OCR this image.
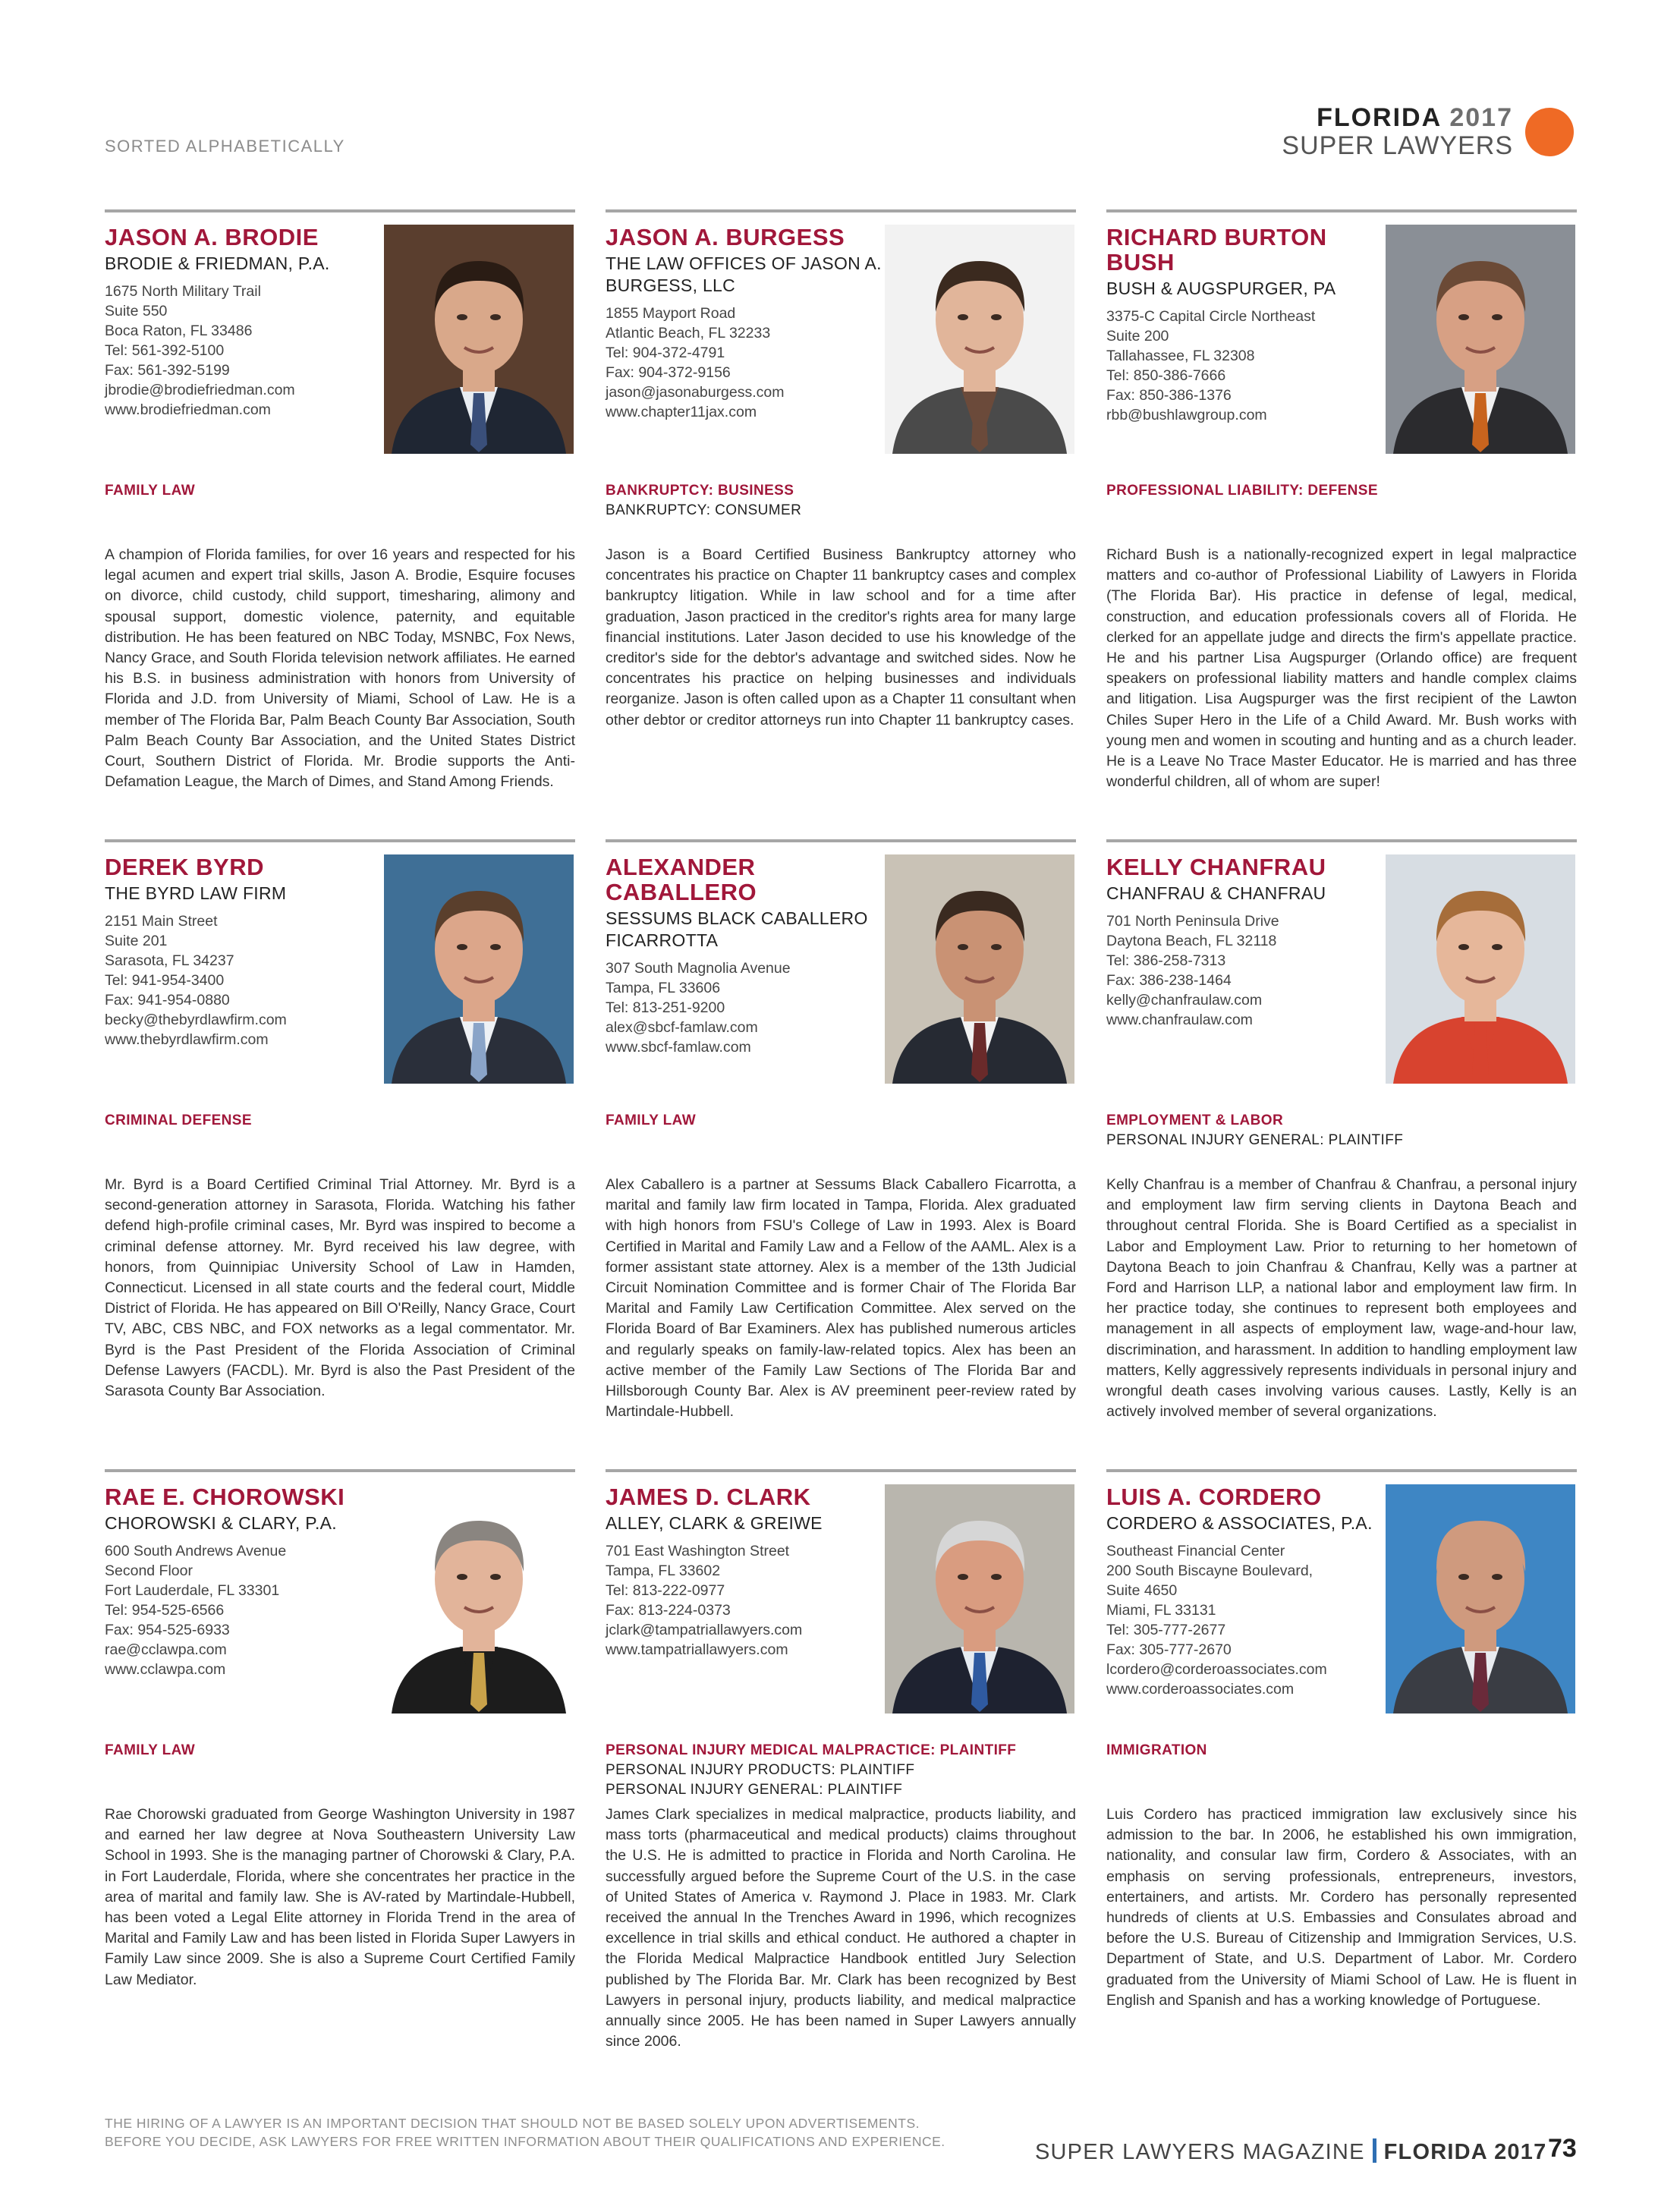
SORTED ALPHABETICALLY
FLORIDA 2017
SUPER LAWYERS
JASON A. BRODIE
BRODIE & FRIEDMAN, P.A.
1675 North Military Trail
Suite 550
Boca Raton, FL 33486
Tel: 561-392-5100
Fax: 561-392-5199
jbrodie@brodiefriedman.com
www.brodiefriedman.com
FAMILY LAW
A champion of Florida families, for over 16 years and respected for his legal acumen and expert trial skills, Jason A. Brodie, Esquire focuses on divorce, child custody, child support, timesharing, alimony and spousal support, domestic violence, paternity, and equitable distribution. He has been featured on NBC Today, MSNBC, Fox News, Nancy Grace, and South Florida television network affiliates. He earned his B.S. in business administration with honors from University of Florida and J.D. from University of Miami, School of Law. He is a member of The Florida Bar, Palm Beach County Bar Association, South Palm Beach County Bar Association, and the United States District Court, Southern District of Florida. Mr. Brodie supports the Anti-Defamation League, the March of Dimes, and Stand Among Friends.
JASON A. BURGESS
THE LAW OFFICES OF JASON A. BURGESS, LLC
1855 Mayport Road
Atlantic Beach, FL 32233
Tel: 904-372-4791
Fax: 904-372-9156
jason@jasonaburgess.com
www.chapter11jax.com
BANKRUPTCY: BUSINESS
BANKRUPTCY: CONSUMER
Jason is a Board Certified Business Bankruptcy attorney who concentrates his practice on Chapter 11 bankruptcy cases and complex bankruptcy litigation. While in law school and for a time after graduation, Jason practiced in the creditor's rights area for many large financial institutions. Later Jason decided to use his knowledge of the creditor's side for the debtor's advantage and switched sides. Now he concentrates his practice on helping businesses and individuals reorganize. Jason is often called upon as a Chapter 11 consultant when other debtor or creditor attorneys run into Chapter 11 bankruptcy cases.
RICHARD BURTON BUSH
BUSH & AUGSPURGER, PA
3375-C Capital Circle Northeast
Suite 200
Tallahassee, FL 32308
Tel: 850-386-7666
Fax: 850-386-1376
rbb@bushlawgroup.com
PROFESSIONAL LIABILITY: DEFENSE
Richard Bush is a nationally-recognized expert in legal malpractice matters and co-author of Professional Liability of Lawyers in Florida (The Florida Bar). His practice in defense of legal, medical, construction, and education professionals covers all of Florida. He clerked for an appellate judge and directs the firm's appellate practice. He and his partner Lisa Augspurger (Orlando office) are frequent speakers on professional liability matters and handle complex claims and litigation. Lisa Augspurger was the first recipient of the Lawton Chiles Super Hero in the Life of a Child Award. Mr. Bush works with young men and women in scouting and hunting and as a church leader. He is a Leave No Trace Master Educator. He is married and has three wonderful children, all of whom are super!
DEREK BYRD
THE BYRD LAW FIRM
2151 Main Street
Suite 201
Sarasota, FL 34237
Tel: 941-954-3400
Fax: 941-954-0880
becky@thebyrdlawfirm.com
www.thebyrdlawfirm.com
CRIMINAL DEFENSE
Mr. Byrd is a Board Certified Criminal Trial Attorney. Mr. Byrd is a second-generation attorney in Sarasota, Florida. Watching his father defend high-profile criminal cases, Mr. Byrd was inspired to become a criminal defense attorney. Mr. Byrd received his law degree, with honors, from Quinnipiac University School of Law in Hamden, Connecticut. Licensed in all state courts and the federal court, Middle District of Florida. He has appeared on Bill O'Reilly, Nancy Grace, Court TV, ABC, CBS NBC, and FOX networks as a legal commentator. Mr. Byrd is the Past President of the Florida Association of Criminal Defense Lawyers (FACDL). Mr. Byrd is also the Past President of the Sarasota County Bar Association.
ALEXANDER CABALLERO
SESSUMS BLACK CABALLERO FICARROTTA
307 South Magnolia Avenue
Tampa, FL 33606
Tel: 813-251-9200
alex@sbcf-famlaw.com
www.sbcf-famlaw.com
FAMILY LAW
Alex Caballero is a partner at Sessums Black Caballero Ficarrotta, a marital and family law firm located in Tampa, Florida. Alex graduated with high honors from FSU's College of Law in 1993. Alex is Board Certified in Marital and Family Law and a Fellow of the AAML. Alex is a former assistant state attorney. Alex is a member of the 13th Judicial Circuit Nomination Committee and is former Chair of The Florida Bar Marital and Family Law Certification Committee. Alex served on the Florida Board of Bar Examiners. Alex has published numerous articles and regularly speaks on family-law-related topics. Alex has been an active member of the Family Law Sections of The Florida Bar and Hillsborough County Bar. Alex is AV preeminent peer-review rated by Martindale-Hubbell.
KELLY CHANFRAU
CHANFRAU & CHANFRAU
701 North Peninsula Drive
Daytona Beach, FL 32118
Tel: 386-258-7313
Fax: 386-238-1464
kelly@chanfraulaw.com
www.chanfraulaw.com
EMPLOYMENT & LABOR
PERSONAL INJURY GENERAL: PLAINTIFF
Kelly Chanfrau is a member of Chanfrau & Chanfrau, a personal injury and employment law firm serving clients in Daytona Beach and throughout central Florida. She is Board Certified as a specialist in Labor and Employment Law. Prior to returning to her hometown of Daytona Beach to join Chanfrau & Chanfrau, Kelly was a partner at Ford and Harrison LLP, a national labor and employment law firm. In her practice today, she continues to represent both employees and management in all aspects of employment law, wage-and-hour law, discrimination, and harassment. In addition to handling employment law matters, Kelly aggressively represents individuals in personal injury and wrongful death cases involving various causes. Lastly, Kelly is an actively involved member of several organizations.
RAE E. CHOROWSKI
CHOROWSKI & CLARY, P.A.
600 South Andrews Avenue
Second Floor
Fort Lauderdale, FL 33301
Tel: 954-525-6566
Fax: 954-525-6933
rae@cclawpa.com
www.cclawpa.com
FAMILY LAW
Rae Chorowski graduated from George Washington University in 1987 and earned her law degree at Nova Southeastern University Law School in 1993. She is the managing partner of Chorowski & Clary, P.A. in Fort Lauderdale, Florida, where she concentrates her practice in the area of marital and family law. She is AV-rated by Martindale-Hubbell, has been voted a Legal Elite attorney in Florida Trend in the area of Marital and Family Law and has been listed in Florida Super Lawyers in Family Law since 2009. She is also a Supreme Court Certified Family Law Mediator.
JAMES D. CLARK
ALLEY, CLARK & GREIWE
701 East Washington Street
Tampa, FL 33602
Tel: 813-222-0977
Fax: 813-224-0373
jclark@tampatriallawyers.com
www.tampatriallawyers.com
PERSONAL INJURY MEDICAL MALPRACTICE: PLAINTIFF
PERSONAL INJURY PRODUCTS: PLAINTIFF
PERSONAL INJURY GENERAL: PLAINTIFF
James Clark specializes in medical malpractice, products liability, and mass torts (pharmaceutical and medical products) claims throughout the U.S. He is admitted to practice in Florida and North Carolina. He successfully argued before the Supreme Court of the U.S. in the case of United States of America v. Raymond J. Place in 1983. Mr. Clark received the annual In the Trenches Award in 1996, which recognizes excellence in trial skills and ethical conduct. He authored a chapter in the Florida Medical Malpractice Handbook entitled Jury Selection published by The Florida Bar. Mr. Clark has been recognized by Best Lawyers in personal injury, products liability, and medical malpractice annually since 2005. He has been named in Super Lawyers annually since 2006.
LUIS A. CORDERO
CORDERO & ASSOCIATES, P.A.
Southeast Financial Center
200 South Biscayne Boulevard,
Suite 4650
Miami, FL 33131
Tel: 305-777-2677
Fax: 305-777-2670
lcordero@corderoassociates.com
www.corderoassociates.com
IMMIGRATION
Luis Cordero has practiced immigration law exclusively since his admission to the bar. In 2006, he established his own immigration, nationality, and consular law firm, Cordero & Associates, with an emphasis on serving professionals, entrepreneurs, investors, entertainers, and artists. Mr. Cordero has personally represented hundreds of clients at U.S. Embassies and Consulates abroad and before the U.S. Bureau of Citizenship and Immigration Services, U.S. Department of State, and U.S. Department of Labor. Mr. Cordero graduated from the University of Miami School of Law. He is fluent in English and Spanish and has a working knowledge of Portuguese.
THE HIRING OF A LAWYER IS AN IMPORTANT DECISION THAT SHOULD NOT BE BASED SOLELY UPON ADVERTISEMENTS.
BEFORE YOU DECIDE, ASK LAWYERS FOR FREE WRITTEN INFORMATION ABOUT THEIR QUALIFICATIONS AND EXPERIENCE.	SUPER LAWYERS MAGAZINE FLORIDA 2017 73
